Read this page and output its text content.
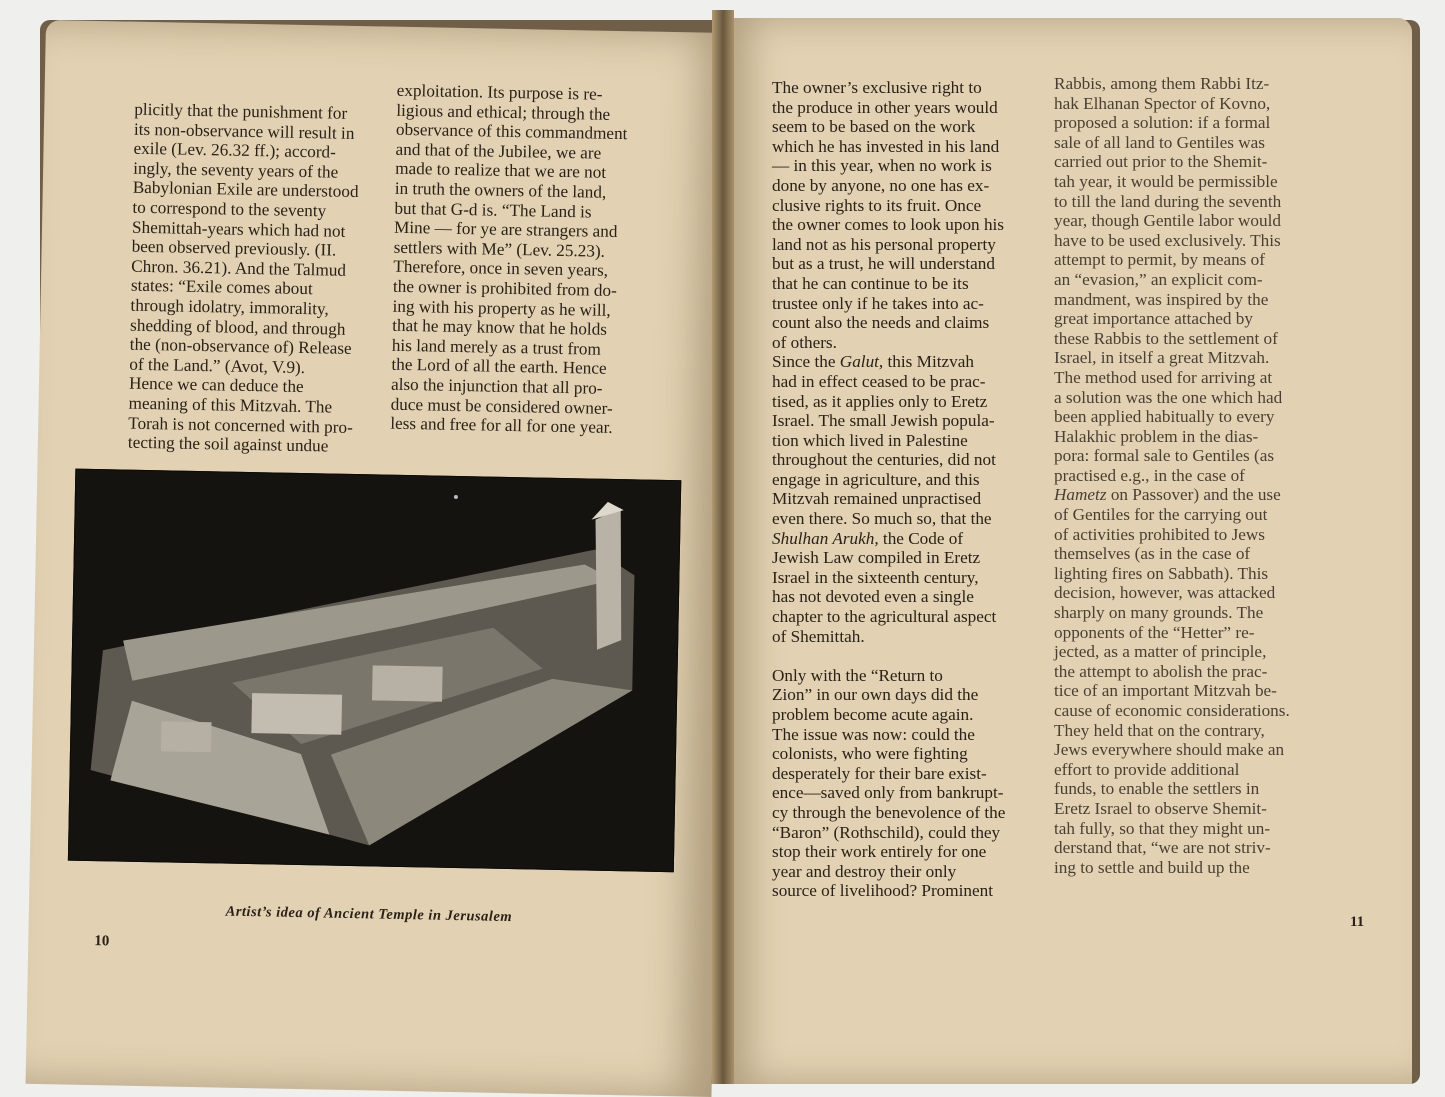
plicitly that the punishment for
its non-observance will result in
exile (Lev. 26.32 ff.); accord-
ingly, the seventy years of the
Babylonian Exile are understood
to correspond to the seventy
Shemittah-years which had not
been observed previously. (II.
Chron. 36.21). And the Talmud
states: “Exile comes about
through idolatry, immorality,
shedding of blood, and through
the (non-observance of) Release
of the Land.” (Avot, V.9).
Hence we can deduce the
meaning of this Mitzvah. The
Torah is not concerned with pro-
tecting the soil against undue

exploitation. Its purpose is re-
ligious and ethical; through the
observance of this commandment
and that of the Jubilee, we are
made to realize that we are not
in truth the owners of the land,
but that G-d is. “The Land is
Mine — for ye are strangers and
settlers with Me” (Lev. 25.23).
Therefore, once in seven years,
the owner is prohibited from do-
ing with his property as he will,
that he may know that he holds
his land merely as a trust from
the Lord of all the earth. Hence
also the injunction that all pro-
duce must be considered owner-
less and free for all for one year.

Artist’s idea of Ancient Temple in Jerusalem

10

The owner’s exclusive right to
the produce in other years would
seem to be based on the work
which he has invested in his land
— in this year, when no work is
done by anyone, no one has ex-
clusive rights to its fruit. Once
the owner comes to look upon his
land not as his personal property
but as a trust, he will understand
that he can continue to be its
trustee only if he takes into ac-
count also the needs and claims
of others.
Since the Galut, this Mitzvah
had in effect ceased to be prac-
tised, as it applies only to Eretz
Israel. The small Jewish popula-
tion which lived in Palestine
throughout the centuries, did not
engage in agriculture, and this
Mitzvah remained unpractised
even there. So much so, that the
Shulhan Arukh, the Code of
Jewish Law compiled in Eretz
Israel in the sixteenth century,
has not devoted even a single
chapter to the agricultural aspect
of Shemittah.

Only with the “Return to
Zion” in our own days did the
problem become acute again.
The issue was now: could the
colonists, who were fighting
desperately for their bare exist-
ence—saved only from bankrupt-
cy through the benevolence of the
“Baron” (Rothschild), could they
stop their work entirely for one
year and destroy their only
source of livelihood? Prominent

Rabbis, among them Rabbi Itz-
hak Elhanan Spector of Kovno,
proposed a solution: if a formal
sale of all land to Gentiles was
carried out prior to the Shemit-
tah year, it would be permissible
to till the land during the seventh
year, though Gentile labor would
have to be used exclusively. This
attempt to permit, by means of
an “evasion,” an explicit com-
mandment, was inspired by the
great importance attached by
these Rabbis to the settlement of
Israel, in itself a great Mitzvah.
The method used for arriving at
a solution was the one which had
been applied habitually to every
Halakhic problem in the dias-
pora: formal sale to Gentiles (as
practised e.g., in the case of
Hametz on Passover) and the use
of Gentiles for the carrying out
of activities prohibited to Jews
themselves (as in the case of
lighting fires on Sabbath). This
decision, however, was attacked
sharply on many grounds. The
opponents of the “Hetter” re-
jected, as a matter of principle,
the attempt to abolish the prac-
tice of an important Mitzvah be-
cause of economic considerations.
They held that on the contrary,
Jews everywhere should make an
effort to provide additional
funds, to enable the settlers in
Eretz Israel to observe Shemit-
tah fully, so that they might un-
derstand that, “we are not striv-
ing to settle and build up the

11
